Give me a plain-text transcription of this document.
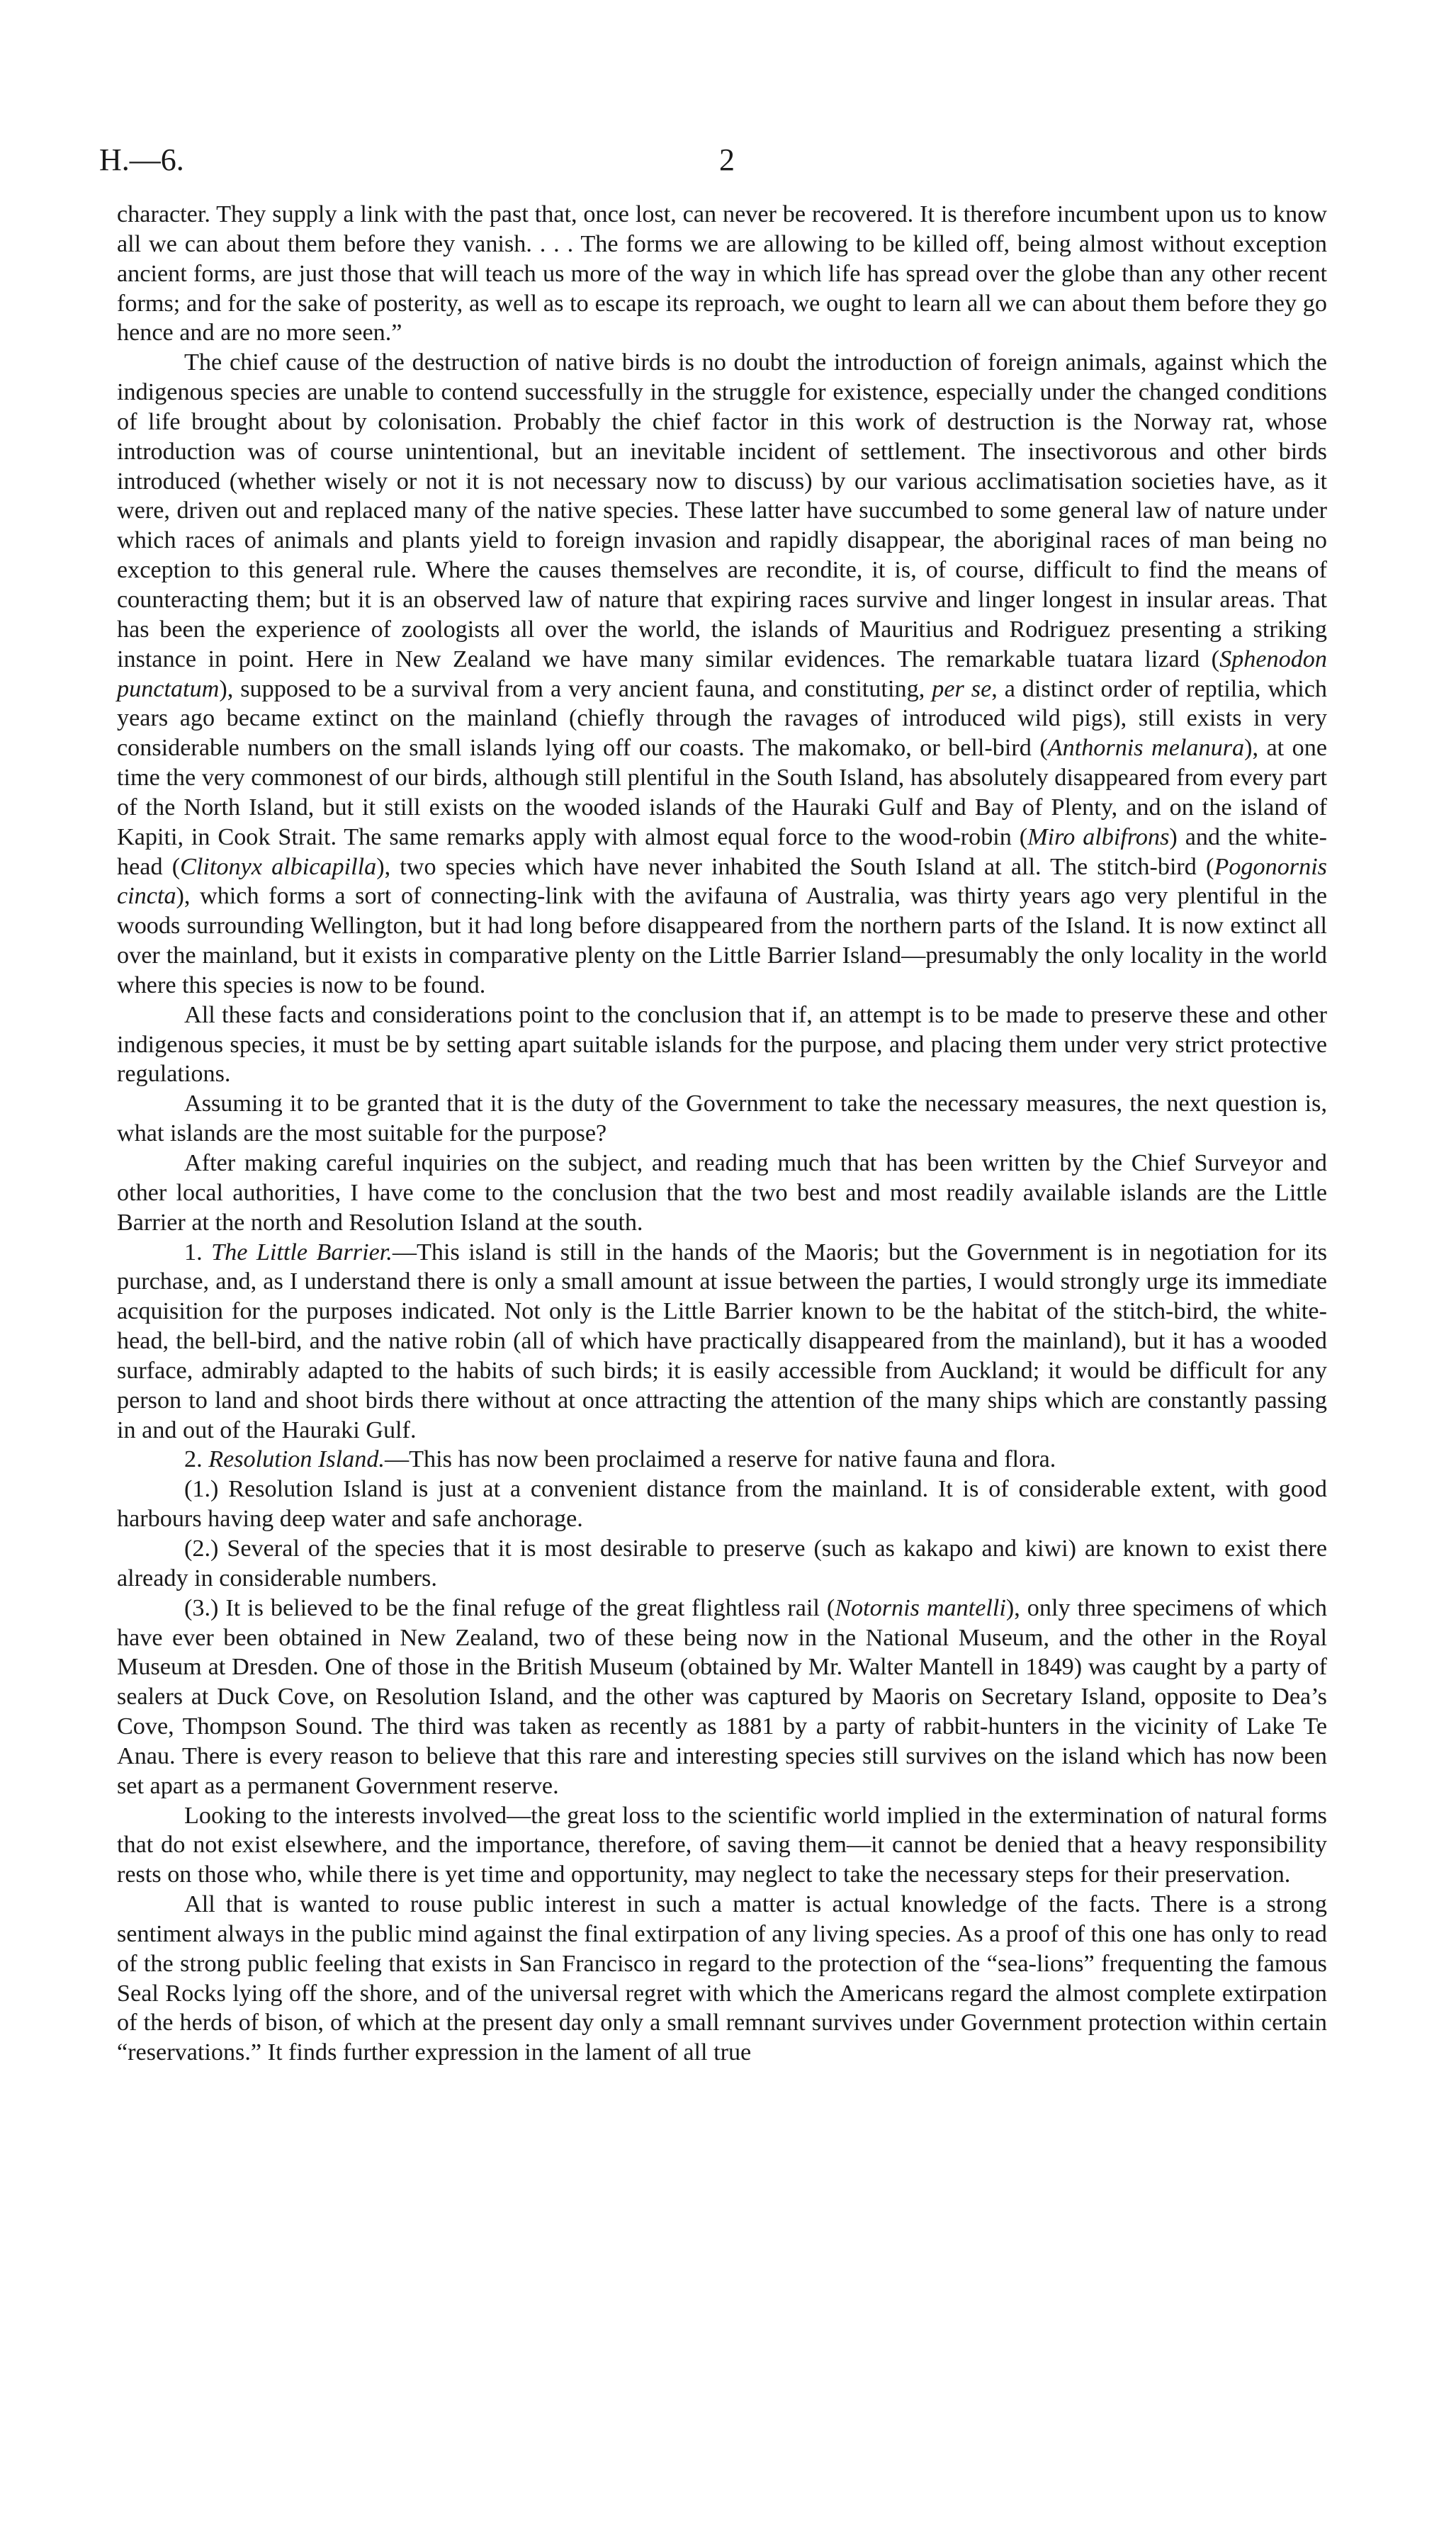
H.—6.	2

character. They supply a link with the past that, once lost, can never be recovered. It is therefore incumbent upon us to know all we can about them before they vanish. . . . The forms we are allowing to be killed off, being almost without exception ancient forms, are just those that will teach us more of the way in which life has spread over the globe than any other recent forms; and for the sake of posterity, as well as to escape its reproach, we ought to learn all we can about them before they go hence and are no more seen.”

The chief cause of the destruction of native birds is no doubt the introduction of foreign animals, against which the indigenous species are unable to contend successfully in the struggle for existence, especially under the changed conditions of life brought about by colonisation. Probably the chief factor in this work of destruction is the Norway rat, whose introduction was of course unintentional, but an inevitable incident of settlement. The insectivorous and other birds introduced (whether wisely or not it is not necessary now to discuss) by our various acclimatisation societies have, as it were, driven out and replaced many of the native species. These latter have succumbed to some general law of nature under which races of animals and plants yield to foreign invasion and rapidly disappear, the aboriginal races of man being no exception to this general rule. Where the causes themselves are recondite, it is, of course, difficult to find the means of counteracting them; but it is an observed law of nature that expiring races survive and linger longest in insular areas. That has been the experience of zoologists all over the world, the islands of Mauritius and Rodriguez presenting a striking instance in point. Here in New Zealand we have many similar evidences. The remarkable tuatara lizard (Sphenodon punctatum), supposed to be a survival from a very ancient fauna, and constituting, per se, a distinct order of reptilia, which years ago became extinct on the mainland (chiefly through the ravages of introduced wild pigs), still exists in very considerable numbers on the small islands lying off our coasts. The makomako, or bell-bird (Anthornis melanura), at one time the very commonest of our birds, although still plentiful in the South Island, has absolutely disappeared from every part of the North Island, but it still exists on the wooded islands of the Hauraki Gulf and Bay of Plenty, and on the island of Kapiti, in Cook Strait. The same remarks apply with almost equal force to the wood-robin (Miro albifrons) and the white-head (Clitonyx albicapilla), two species which have never inhabited the South Island at all. The stitch-bird (Pogonornis cincta), which forms a sort of connecting-link with the avifauna of Australia, was thirty years ago very plentiful in the woods surrounding Wellington, but it had long before disappeared from the northern parts of the Island. It is now extinct all over the mainland, but it exists in comparative plenty on the Little Barrier Island—presumably the only locality in the world where this species is now to be found.

All these facts and considerations point to the conclusion that if, an attempt is to be made to preserve these and other indigenous species, it must be by setting apart suitable islands for the purpose, and placing them under very strict protective regulations.

Assuming it to be granted that it is the duty of the Government to take the necessary measures, the next question is, what islands are the most suitable for the purpose?

After making careful inquiries on the subject, and reading much that has been written by the Chief Surveyor and other local authorities, I have come to the conclusion that the two best and most readily available islands are the Little Barrier at the north and Resolution Island at the south.

1. The Little Barrier.—This island is still in the hands of the Maoris; but the Government is in negotiation for its purchase, and, as I understand there is only a small amount at issue between the parties, I would strongly urge its immediate acquisition for the purposes indicated. Not only is the Little Barrier known to be the habitat of the stitch-bird, the white-head, the bell-bird, and the native robin (all of which have practically disappeared from the mainland), but it has a wooded surface, admirably adapted to the habits of such birds; it is easily accessible from Auckland; it would be difficult for any person to land and shoot birds there without at once attracting the attention of the many ships which are constantly passing in and out of the Hauraki Gulf.

2. Resolution Island.—This has now been proclaimed a reserve for native fauna and flora.

(1.) Resolution Island is just at a convenient distance from the mainland. It is of considerable extent, with good harbours having deep water and safe anchorage.

(2.) Several of the species that it is most desirable to preserve (such as kakapo and kiwi) are known to exist there already in considerable numbers.

(3.) It is believed to be the final refuge of the great flightless rail (Notornis mantelli), only three specimens of which have ever been obtained in New Zealand, two of these being now in the National Museum, and the other in the Royal Museum at Dresden. One of those in the British Museum (obtained by Mr. Walter Mantell in 1849) was caught by a party of sealers at Duck Cove, on Resolution Island, and the other was captured by Maoris on Secretary Island, opposite to Dea’s Cove, Thompson Sound. The third was taken as recently as 1881 by a party of rabbit-hunters in the vicinity of Lake Te Anau. There is every reason to believe that this rare and interesting species still survives on the island which has now been set apart as a permanent Government reserve.

Looking to the interests involved—the great loss to the scientific world implied in the extermination of natural forms that do not exist elsewhere, and the importance, therefore, of saving them—it cannot be denied that a heavy responsibility rests on those who, while there is yet time and opportunity, may neglect to take the necessary steps for their preservation.

All that is wanted to rouse public interest in such a matter is actual knowledge of the facts. There is a strong sentiment always in the public mind against the final extirpation of any living species. As a proof of this one has only to read of the strong public feeling that exists in San Francisco in regard to the protection of the “sea-lions” frequenting the famous Seal Rocks lying off the shore, and of the universal regret with which the Americans regard the almost complete extirpation of the herds of bison, of which at the present day only a small remnant survives under Government protection within certain “reservations.” It finds further expression in the lament of all true
